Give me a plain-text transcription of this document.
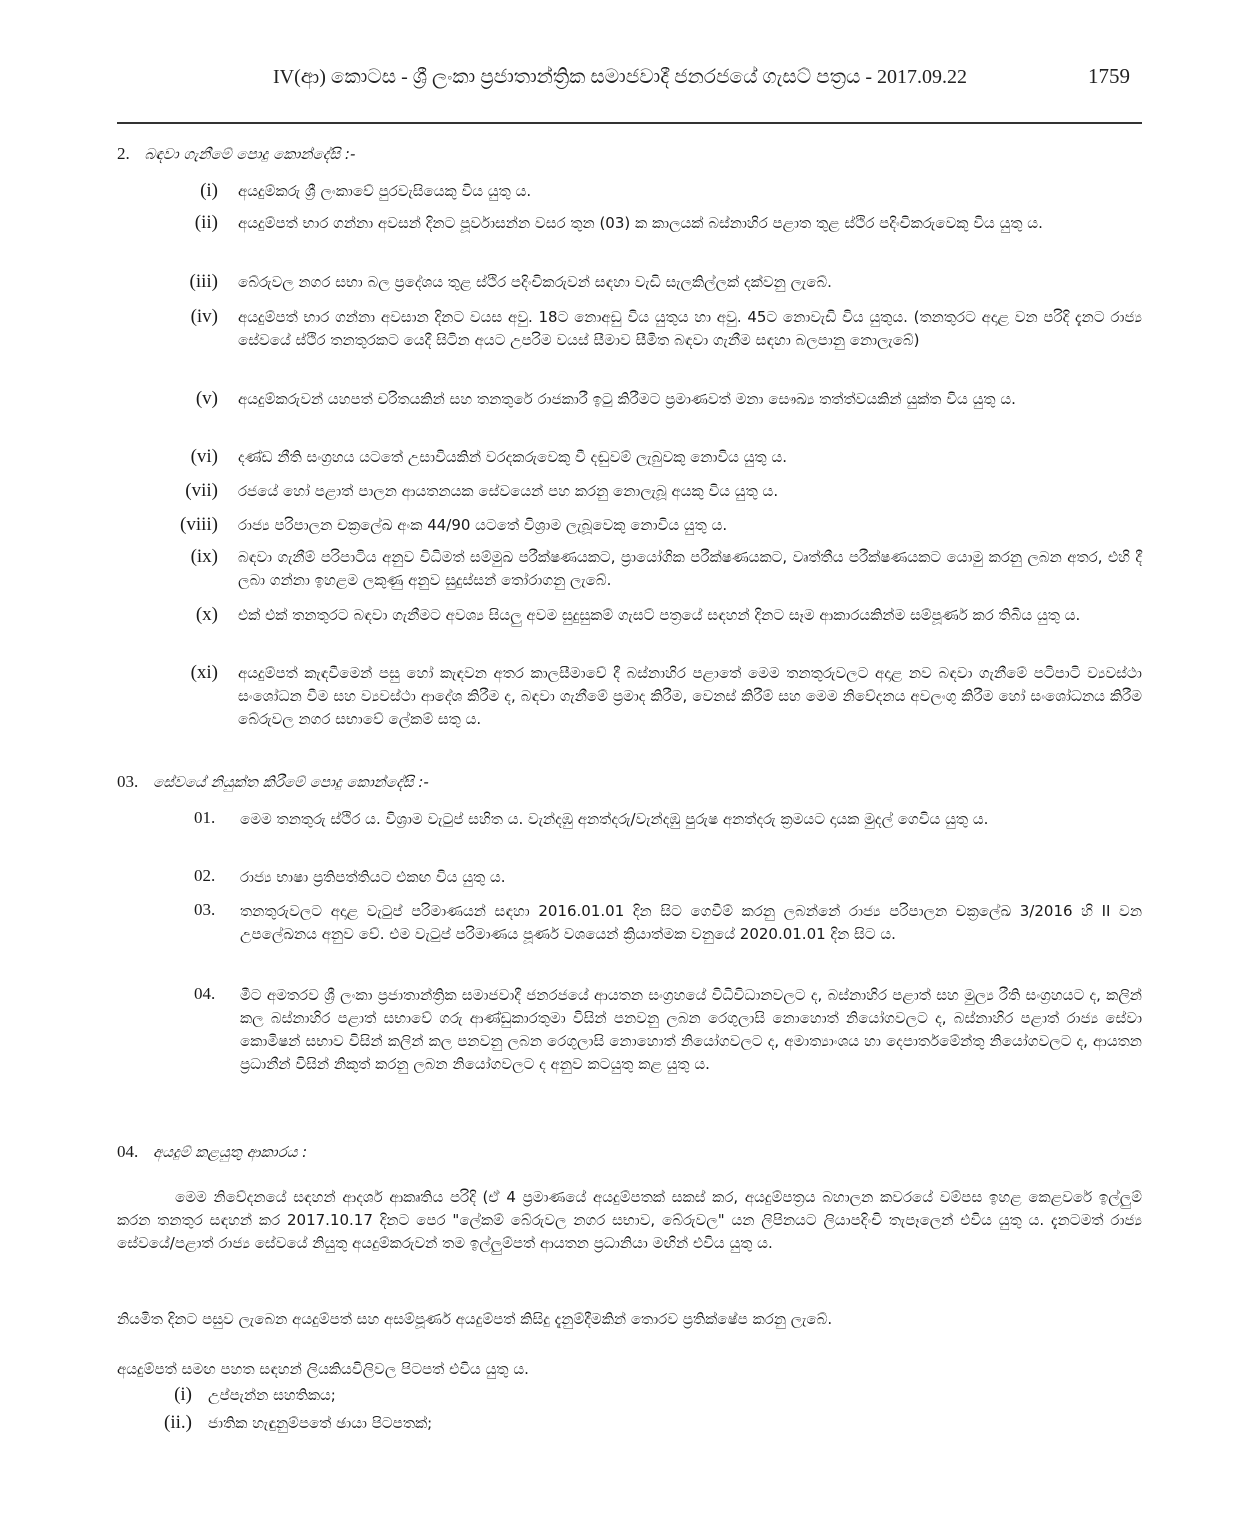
IV(ආ) කොටස - ශ්‍රී ලංකා ප්‍රජාතාන්ත්‍රික සමාජවාදී ජනරජයේ ගැසට් පත්‍රය - 2017.09.22	1759
2. බඳවා ගැනීමේ පොදු කොන්දේසි :-
(i) අයදුම්කරු ශ්‍රී ලංකාවේ පුරවැසියෙකු විය යුතු ය.
(ii) අයදුම්පත් භාර ගන්නා අවසන් දිනට පූර්වාසන්න වසර තුන (03) ක කාලයක් බස්නාහිර පළාත තුළ ස්ථිර පදිංචිකරුවෙකු විය යුතු ය.
(iii) බේරුවල නගර සභා බල ප්‍රදේශය තුළ ස්ථිර පදිංචිකරුවන් සඳහා වැඩි සැලකිල්ලක් දක්වනු ලැබේ.
(iv) අයදුම්පත් භාර ගන්නා අවසාන දිනට වයස අවු. 18ට නොඅඩු විය යුතුය හා අවු. 45ට නොවැඩි විය යුතුය. (තනතුරට අදාළ වන පරිදි දැනට රාජ්‍ය සේවයේ ස්ථිර තනතුරකට යෙදී සිටින අයට උපරිම වයස් සීමාව සීමිත බඳවා ගැනීම සඳහා බලපානු නොලැබේ)
(v) අයදුම්කරුවන් යහපත් චරිතයකින් සහ තනතුරේ රාජකාරී ඉටු කිරීමට ප්‍රමාණවත් මනා සෞඛ්‍ය තත්ත්වයකින් යුක්ත විය යුතු ය.
(vi) දණ්ඩ නීති සංග්‍රහය යටතේ උසාවියකින් වරදකරුවෙකු වී දඬුවම් ලැබුවකු නොවිය යුතු ය.
(vii) රජයේ හෝ පළාත් පාලන ආයතනයක සේවයෙන් පහ කරනු නොලැබූ අයකු විය යුතු ය.
(viii) රාජ්‍ය පරිපාලන චක්‍රලේඛ අංක 44/90 යටතේ විශ්‍රාම ලැබූවෙකු නොවිය යුතු ය.
(ix) බඳවා ගැනීම් පරිපාටිය අනුව විධිමත් සම්මුඛ පරීක්ෂණයකට, ප්‍රායෝගික පරීක්ෂණයකට, වෘත්තීය පරීක්ෂණයකට යොමු කරනු ලබන අතර, එහි දී ලබා ගන්නා ඉහළම ලකුණු අනුව සුදුස්සන් තෝරාගනු ලැබේ.
(x) එක් එක් තනතුරට බඳවා ගැනීමට අවශ්‍ය සියලු අවම සුදුසුකම් ගැසට් පත්‍රයේ සඳහන් දිනට සෑම ආකාරයකින්ම සම්පූර්ණ කර තිබිය යුතු ය.
(xi) අයදුම්පත් කැඳවීමෙන් පසු හෝ කැඳවන අතර කාලසීමාවේ දී බස්නාහිර පළාතේ මෙම තනතුරුවලට අදාළ නව බඳවා ගැනීමේ පටිපාටි ව්‍යවස්ථා සංශෝධන වීම සහ ව්‍යවස්ථා ආදේශ කිරීම ද, බඳවා ගැනීමේ ප්‍රමාද කිරීම, වෙනස් කිරීම් සහ මෙම නිවේදනය අවලංගු කිරීම හෝ සංශෝධනය කිරීම බේරුවල නගර සභාවේ ලේකම් සතු ය.
03. සේවයේ නියුක්ත කිරීමේ පොදු කොන්දේසි :-
01.	මෙම තනතුරු ස්ථිර ය. විශ්‍රාම වැටුප් සහිත ය. වැන්දඹු අනත්දරු/වැන්දඹු පුරුෂ අනත්දරු ක්‍රමයට දායක මුදල් ගෙවිය යුතු ය.
02.	රාජ්‍ය භාෂා ප්‍රතිපත්තියට එකඟ විය යුතු ය.
03.	තනතුරුවලට අදාළ වැටුප් පරිමාණයන් සඳහා 2016.01.01 දින සිට ගෙවීම් කරනු ලබන්නේ රාජ්‍ය පරිපාලන චක්‍රලේඛ 3/2016 හි II වන උපලේඛනය අනුව වේ. එම වැටුප් පරිමාණය පූර්ණ වශයෙන් ක්‍රියාත්මක වනුයේ 2020.01.01 දින සිට ය.
04.	මීට අමතරව ශ්‍රී ලංකා ප්‍රජාතාන්ත්‍රික සමාජවාදී ජනරජයේ ආයතන සංග්‍රහයේ විධිවිධානවලට ද, බස්නාහිර පළාත් සහ මුල්‍ය රීති සංග්‍රහයට ද, කලින් කල බස්නාහිර පළාත් සභාවේ ගරු ආණ්ඩුකාරතුමා විසින් පනවනු ලබන රෙගුලාසි නොහොත් නියෝගවලට ද, බස්නාහිර පළාත් රාජ්‍ය සේවා කොමිෂන් සභාව විසින් කලින් කල පනවනු ලබන රෙගුලාසි නොහොත් නියෝගවලට ද, අමාත්‍යාංශය හා දෙපාර්තමේන්තු නියෝගවලට ද, ආයතන ප්‍රධානීන් විසින් නිකුත් කරනු ලබන නියෝගවලට ද අනුව කටයුතු කළ යුතු ය.
04. අයදුම් කළයුතු ආකාරය :
මෙම නිවේදනයේ සඳහන් ආදර්ශ ආකෘතිය පරිදි (ඒ 4 ප්‍රමාණයේ අයදුම්පතක් සකස් කර, අයදුම්පත්‍රය බහාලන කවරයේ වම්පස ඉහළ කෙළවරේ ඉල්ලුම් කරන තනතුර සඳහන් කර 2017.10.17 දිනට පෙර "ලේකම් බේරුවල නගර සභාව, බේරුවල" යන ලිපිනයට ලියාපදිංචි තැපෑලෙන් එවිය යුතු ය. දැනටමත් රාජ්‍ය සේවයේ/පළාත් රාජ්‍ය සේවයේ නියුතු අයදුම්කරුවන් තම ඉල්ලුම්පත් ආයතන ප්‍රධානියා මඟින් එවිය යුතු ය.
නියමිත දිනට පසුව ලැබෙන අයදුම්පත් සහ අසම්පූර්ණ අයදුම්පත් කිසිදු දැනුම්දීමකින් තොරව ප්‍රතික්ෂේප කරනු ලැබේ.
අයදුම්පත් සමඟ පහත සඳහන් ලියකියවිලිවල පිටපත් එවිය යුතු ය.
(i) උප්පැන්න සහතිකය;
(ii.) ජාතික හැඳුනුම්පතේ ඡායා පිටපතක්;
